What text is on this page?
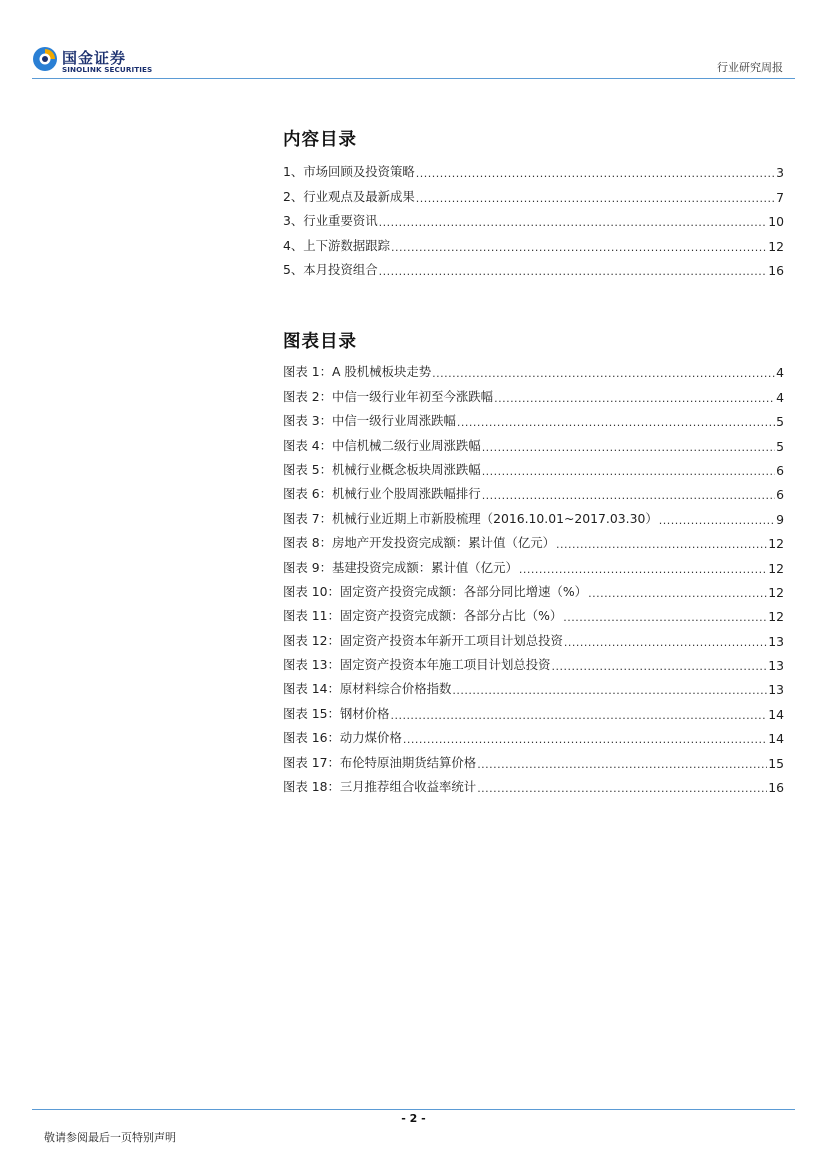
国金证券
SINOLINK SECURITIES	行业研究周报
内容目录
1、市场回顾及投资策略 .....	3
2、行业观点及最新成果 .....	7
3、行业重要资讯 .....	10
4、上下游数据跟踪 .....	12
5、本月投资组合 .....	16
图表目录
图表 1：A 股机械板块走势 .....	4
图表 2：中信一级行业年初至今涨跌幅 .....	4
图表 3：中信一级行业周涨跌幅 .....	5
图表 4：中信机械二级行业周涨跌幅 .....	5
图表 5：机械行业概念板块周涨跌幅 .....	6
图表 6：机械行业个股周涨跌幅排行 .....	6
图表 7：机械行业近期上市新股梳理（2016.10.01~2017.03.30） .....	9
图表 8：房地产开发投资完成额：累计值（亿元） .....	12
图表 9：基建投资完成额：累计值（亿元） .....	12
图表 10：固定资产投资完成额：各部分同比增速（%） .....	12
图表 11：固定资产投资完成额：各部分占比（%） .....	12
图表 12：固定资产投资本年新开工项目计划总投资 .....	13
图表 13：固定资产投资本年施工项目计划总投资 .....	13
图表 14：原材料综合价格指数 .....	13
图表 15：钢材价格 .....	14
图表 16：动力煤价格 .....	14
图表 17：布伦特原油期货结算价格 .....	15
图表 18：三月推荐组合收益率统计 .....	16
- 2 -
敬请参阅最后一页特别声明
